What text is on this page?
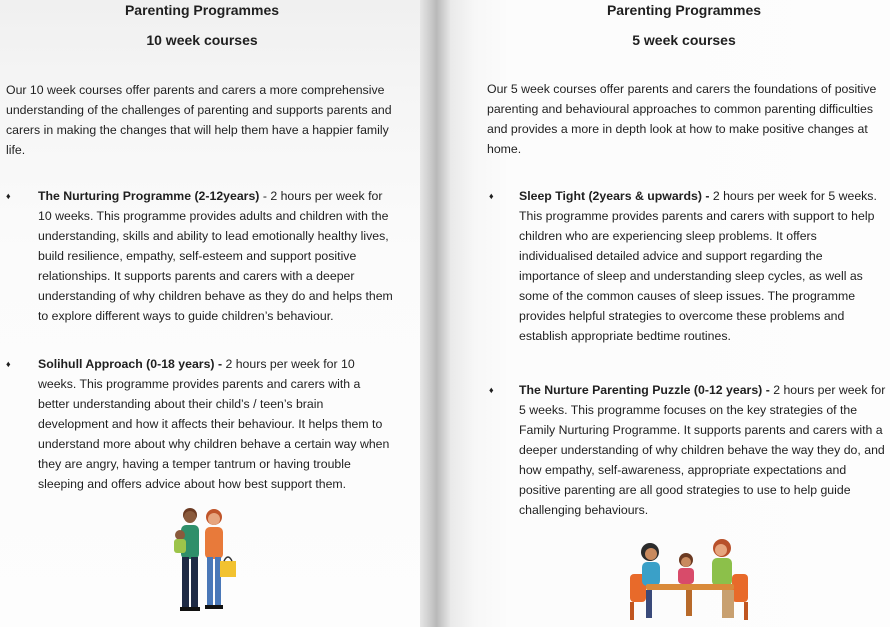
Parenting Programmes
10 week courses

Our 10 week courses offer parents and carers a more comprehensive understanding of the challenges of parenting and supports parents and carers in making the changes that will help them have a happier family life.

♦ The Nurturing Programme (2-12years) - 2 hours per week for 10 weeks. This programme provides adults and children with the understanding, skills and ability to lead emotionally healthy lives, build resilience, empathy, self-esteem and support positive relationships. It supports parents and carers with a deeper understanding of why children behave as they do and helps them to explore different ways to guide children’s behaviour.

♦ Solihull Approach (0-18 years) - 2 hours per week for 10 weeks. This programme provides parents and carers with a better understanding about their child’s / teen’s brain development and how it affects their behaviour. It helps them to understand more about why children behave a certain way when they are angry, having a temper tantrum or having trouble sleeping and offers advice about how best support them.

Parenting Programmes
5 week courses

Our 5 week courses offer parents and carers the foundations of positive parenting and behavioural approaches to common parenting difficulties and provides a more in depth look at how to make positive changes at home.

♦ Sleep Tight (2years & upwards) - 2 hours per week for 5 weeks. This programme provides parents and carers with support to help children who are experiencing sleep problems. It offers individualised detailed advice and support regarding the importance of sleep and understanding sleep cycles, as well as some of the common causes of sleep issues. The programme provides helpful strategies to overcome these problems and establish appropriate bedtime routines.

♦ The Nurture Parenting Puzzle (0-12 years) - 2 hours per week for 5 weeks. This programme focuses on the key strategies of the Family Nurturing Programme. It supports parents and carers with a deeper understanding of why children behave the way they do, and how empathy, self-awareness, appropriate expectations and positive parenting are all good strategies to use to help guide challenging behaviours.
